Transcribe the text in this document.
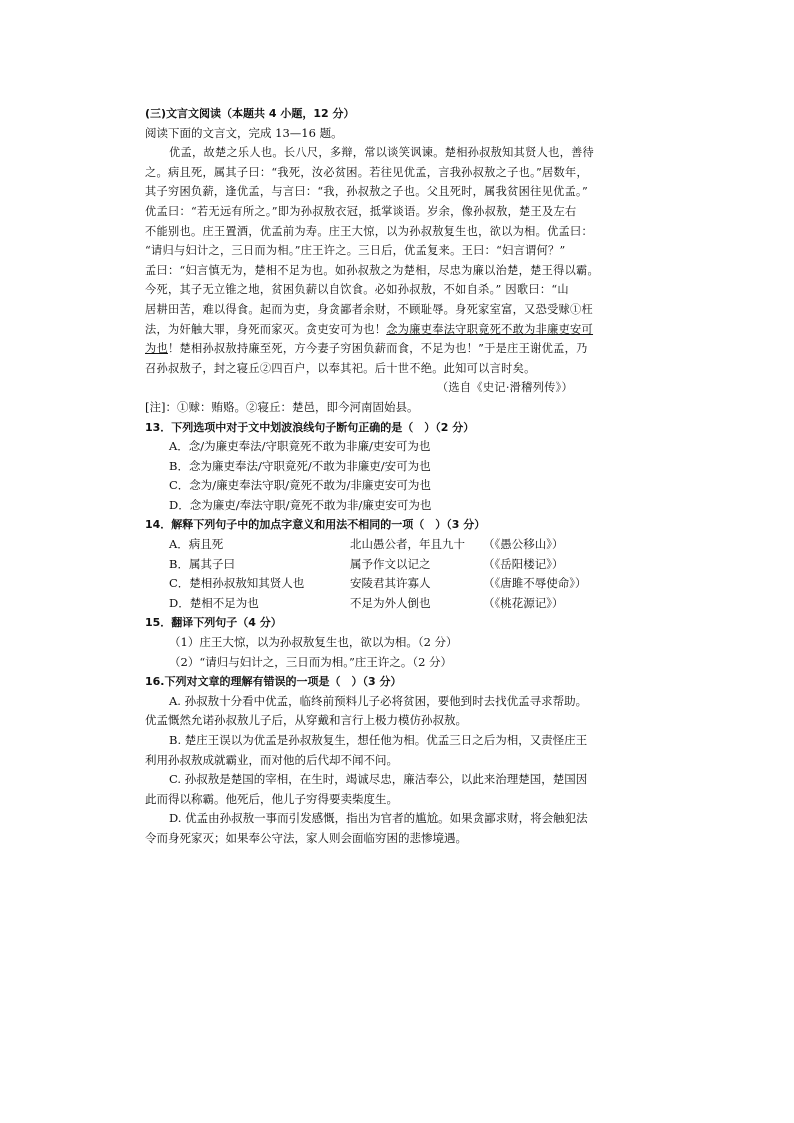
(三)文言文阅读（本题共 4 小题，12 分）
阅读下面的文言文，完成 13—16 题。
优孟，故楚之乐人也。长八尺，多辩，常以谈笑讽谏。楚相孙叔敖知其贤人也，善待
之。病且死，属其子曰：“我死，汝必贫困。若往见优孟，言我孙叔敖之子也。”居数年，
其子穷困负薪，逢优孟，与言曰：“我，孙叔敖之子也。父且死时，属我贫困往见优孟。”
优孟曰：“若无远有所之。”即为孙叔敖衣冠，抵掌谈语。岁余，像孙叔敖，楚王及左右
不能别也。庄王置酒，优孟前为寿。庄王大惊，以为孙叔敖复生也，欲以为相。优孟曰：
“请归与妇计之，三日而为相。”庄王许之。三日后，优孟复来。王曰：“妇言谓何？”
孟曰：“妇言慎无为，楚相不足为也。如孙叔敖之为楚相，尽忠为廉以治楚，楚王得以霸。
今死，其子无立锥之地，贫困负薪以自饮食。必如孙叔敖，不如自杀。” 因歌曰：“山
居耕田苦，难以得食。起而为吏，身贪鄙者余财，不顾耻辱。身死家室富，又恐受赇①枉
法，为奸触大罪，身死而家灭。贪吏安可为也！念为廉吏奉法守职竟死不敢为非廉吏安可
为也！楚相孙叔敖持廉至死，方今妻子穷困负薪而食，不足为也！”于是庄王谢优孟，乃
召孙叔敖子，封之寝丘②四百户，以奉其祀。后十世不绝。此知可以言时矣。
（选自《史记·滑稽列传》）
[注]：①赇：贿赂。②寝丘：楚邑，即今河南固始县。
13．下列选项中对于文中划波浪线句子断句正确的是（　）（2 分）
A．念/为廉吏奉法/守职竟死不敢为非廉/吏安可为也
B．念为廉吏奉法/守职竟死/不敢为非廉吏/安可为也
C．念为/廉吏奉法守职/竟死不敢为/非廉吏安可为也
D．念为廉吏/奉法守职/竟死不敢为非/廉吏安可为也
14．解释下列句子中的加点字意义和用法不相同的一项（　）（3 分）
A．病且死	北山愚公者，年且九十 （《愚公移山》）
B．属其子曰	属予作文以记之	（《岳阳楼记》）
C．楚相孙叔敖知其贤人也	安陵君其许寡人	（《唐雎不辱使命》）
D．楚相不足为也	不足为外人倒也	（《桃花源记》）
15．翻译下列句子（4 分）
（1）庄王大惊，以为孙叔敖复生也，欲以为相。（2 分）
（2）“请归与妇计之，三日而为相。”庄王许之。（2 分）
16.下列对文章的理解有错误的一项是（　）（3 分）
A. 孙叔敖十分看中优孟，临终前预料儿子必将贫困，要他到时去找优孟寻求帮助。
优孟慨然允诺孙叔敖儿子后，从穿戴和言行上极力模仿孙叔敖。
B. 楚庄王误以为优孟是孙叔敖复生，想任他为相。优孟三日之后为相，又责怪庄王
利用孙叔敖成就霸业，而对他的后代却不闻不问。
C. 孙叔敖是楚国的宰相，在生时，竭诚尽忠，廉洁奉公，以此来治理楚国，楚国因
此而得以称霸。他死后，他儿子穷得要卖柴度生。
D. 优孟由孙叔敖一事而引发感慨，指出为官者的尴尬。如果贪鄙求财，将会触犯法
令而身死家灭；如果奉公守法，家人则会面临穷困的悲惨境遇。
